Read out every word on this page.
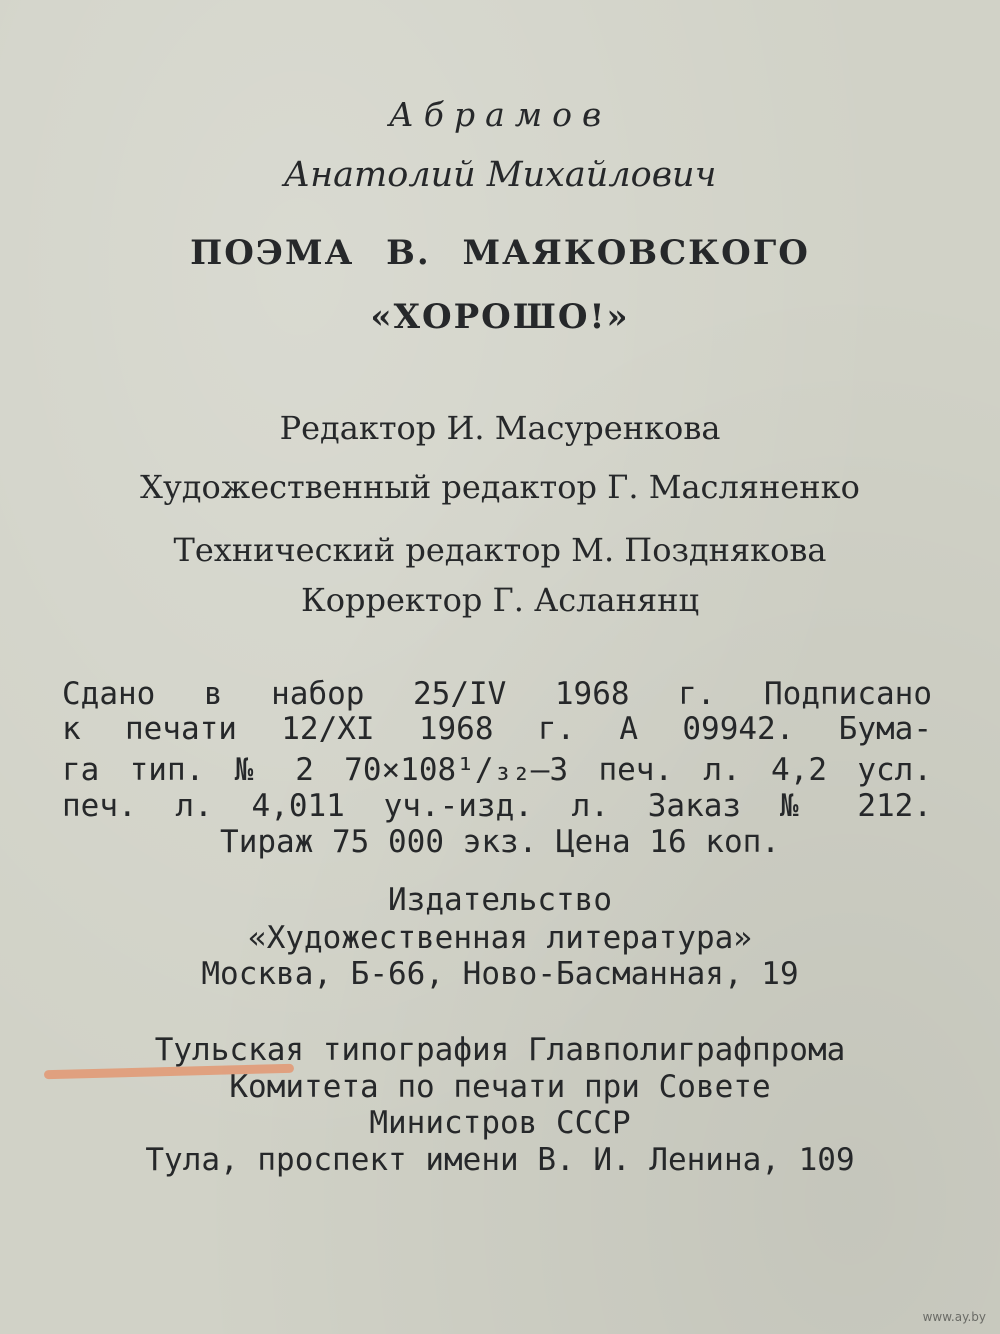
Абрамов
Анатолий Михайлович
ПОЭМА В. МАЯКОВСКОГО
«ХОРОШО!»
Редактор И. Масуренкова
Художественный редактор Г. Масляненко
Технический редактор М. Позднякова
Корректор Г. Асланянц
Сдано в набор 25/IV 1968 г. Подписано
к печати 12/XI 1968 г. А 09942. Бума-
га тип. № 2 70×108¹/₃₂—3 печ. л. 4,2 усл.
печ. л. 4,011 уч.-изд. л. Заказ № 212.
Тираж 75 000 экз. Цена 16 коп.
Издательство
«Художественная литература»
Москва, Б-66, Ново-Басманная, 19
Тульская типография Главполиграфпрома
Комитета по печати при Совете
Министров СССР
Тула, проспект имени В. И. Ленина, 109
www.ay.by
